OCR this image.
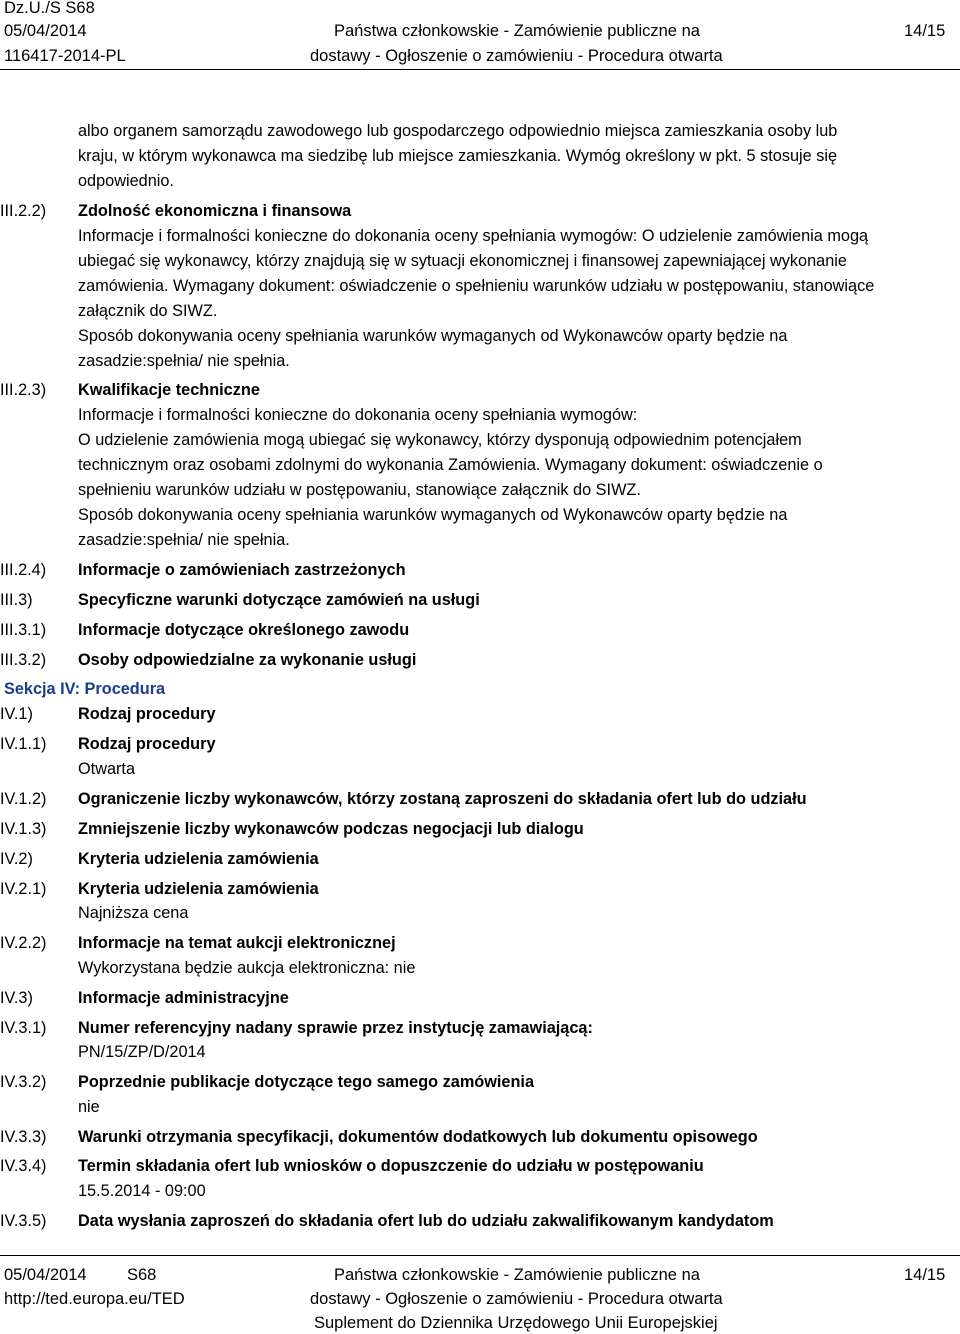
Dz.U./S S68
05/04/2014
116417-2014-PL
Państwa członkowskie - Zamówienie publiczne na
dostawy - Ogłoszenie o zamówieniu - Procedura otwarta
14/15
albo organem samorządu zawodowego lub gospodarczego odpowiednio miejsca zamieszkania osoby lub
kraju, w którym wykonawca ma siedzibę lub miejsce zamieszkania. Wymóg określony w pkt. 5 stosuje się
odpowiednio.
III.2.2) Zdolność ekonomiczna i finansowa
Informacje i formalności konieczne do dokonania oceny spełniania wymogów: O udzielenie zamówienia mogą
ubiegać się wykonawcy, którzy znajdują się w sytuacji ekonomicznej i finansowej zapewniającej wykonanie
zamówienia. Wymagany dokument: oświadczenie o spełnieniu warunków udziału w postępowaniu, stanowiące
załącznik do SIWZ.
Sposób dokonywania oceny spełniania warunków wymaganych od Wykonawców oparty będzie na
zasadzie:spełnia/ nie spełnia.
III.2.3) Kwalifikacje techniczne
Informacje i formalności konieczne do dokonania oceny spełniania wymogów:
O udzielenie zamówienia mogą ubiegać się wykonawcy, którzy dysponują odpowiednim potencjałem
technicznym oraz osobami zdolnymi do wykonania Zamówienia. Wymagany dokument: oświadczenie o
spełnieniu warunków udziału w postępowaniu, stanowiące załącznik do SIWZ.
Sposób dokonywania oceny spełniania warunków wymaganych od Wykonawców oparty będzie na
zasadzie:spełnia/ nie spełnia.
III.2.4) Informacje o zamówieniach zastrzeżonych
III.3)	Specyficzne warunki dotyczące zamówień na usługi
III.3.1) Informacje dotyczące określonego zawodu
III.3.2) Osoby odpowiedzialne za wykonanie usługi
Sekcja IV: Procedura
IV.1)	Rodzaj procedury
IV.1.1) Rodzaj procedury
Otwarta
IV.1.2) Ograniczenie liczby wykonawców, którzy zostaną zaproszeni do składania ofert lub do udziału
IV.1.3) Zmniejszenie liczby wykonawców podczas negocjacji lub dialogu
IV.2)	Kryteria udzielenia zamówienia
IV.2.1) Kryteria udzielenia zamówienia
Najniższa cena
IV.2.2) Informacje na temat aukcji elektronicznej
Wykorzystana będzie aukcja elektroniczna: nie
IV.3)	Informacje administracyjne
IV.3.1) Numer referencyjny nadany sprawie przez instytucję zamawiającą:
PN/15/ZP/D/2014
IV.3.2) Poprzednie publikacje dotyczące tego samego zamówienia
nie
IV.3.3) Warunki otrzymania specyfikacji, dokumentów dodatkowych lub dokumentu opisowego
IV.3.4) Termin składania ofert lub wniosków o dopuszczenie do udziału w postępowaniu
15.5.2014 - 09:00
IV.3.5) Data wysłania zaproszeń do składania ofert lub do udziału zakwalifikowanym kandydatom
05/04/2014 S68
http://ted.europa.eu/TED
Państwa członkowskie - Zamówienie publiczne na
dostawy - Ogłoszenie o zamówieniu - Procedura otwarta
Suplement do Dziennika Urzędowego Unii Europejskiej
14/15
